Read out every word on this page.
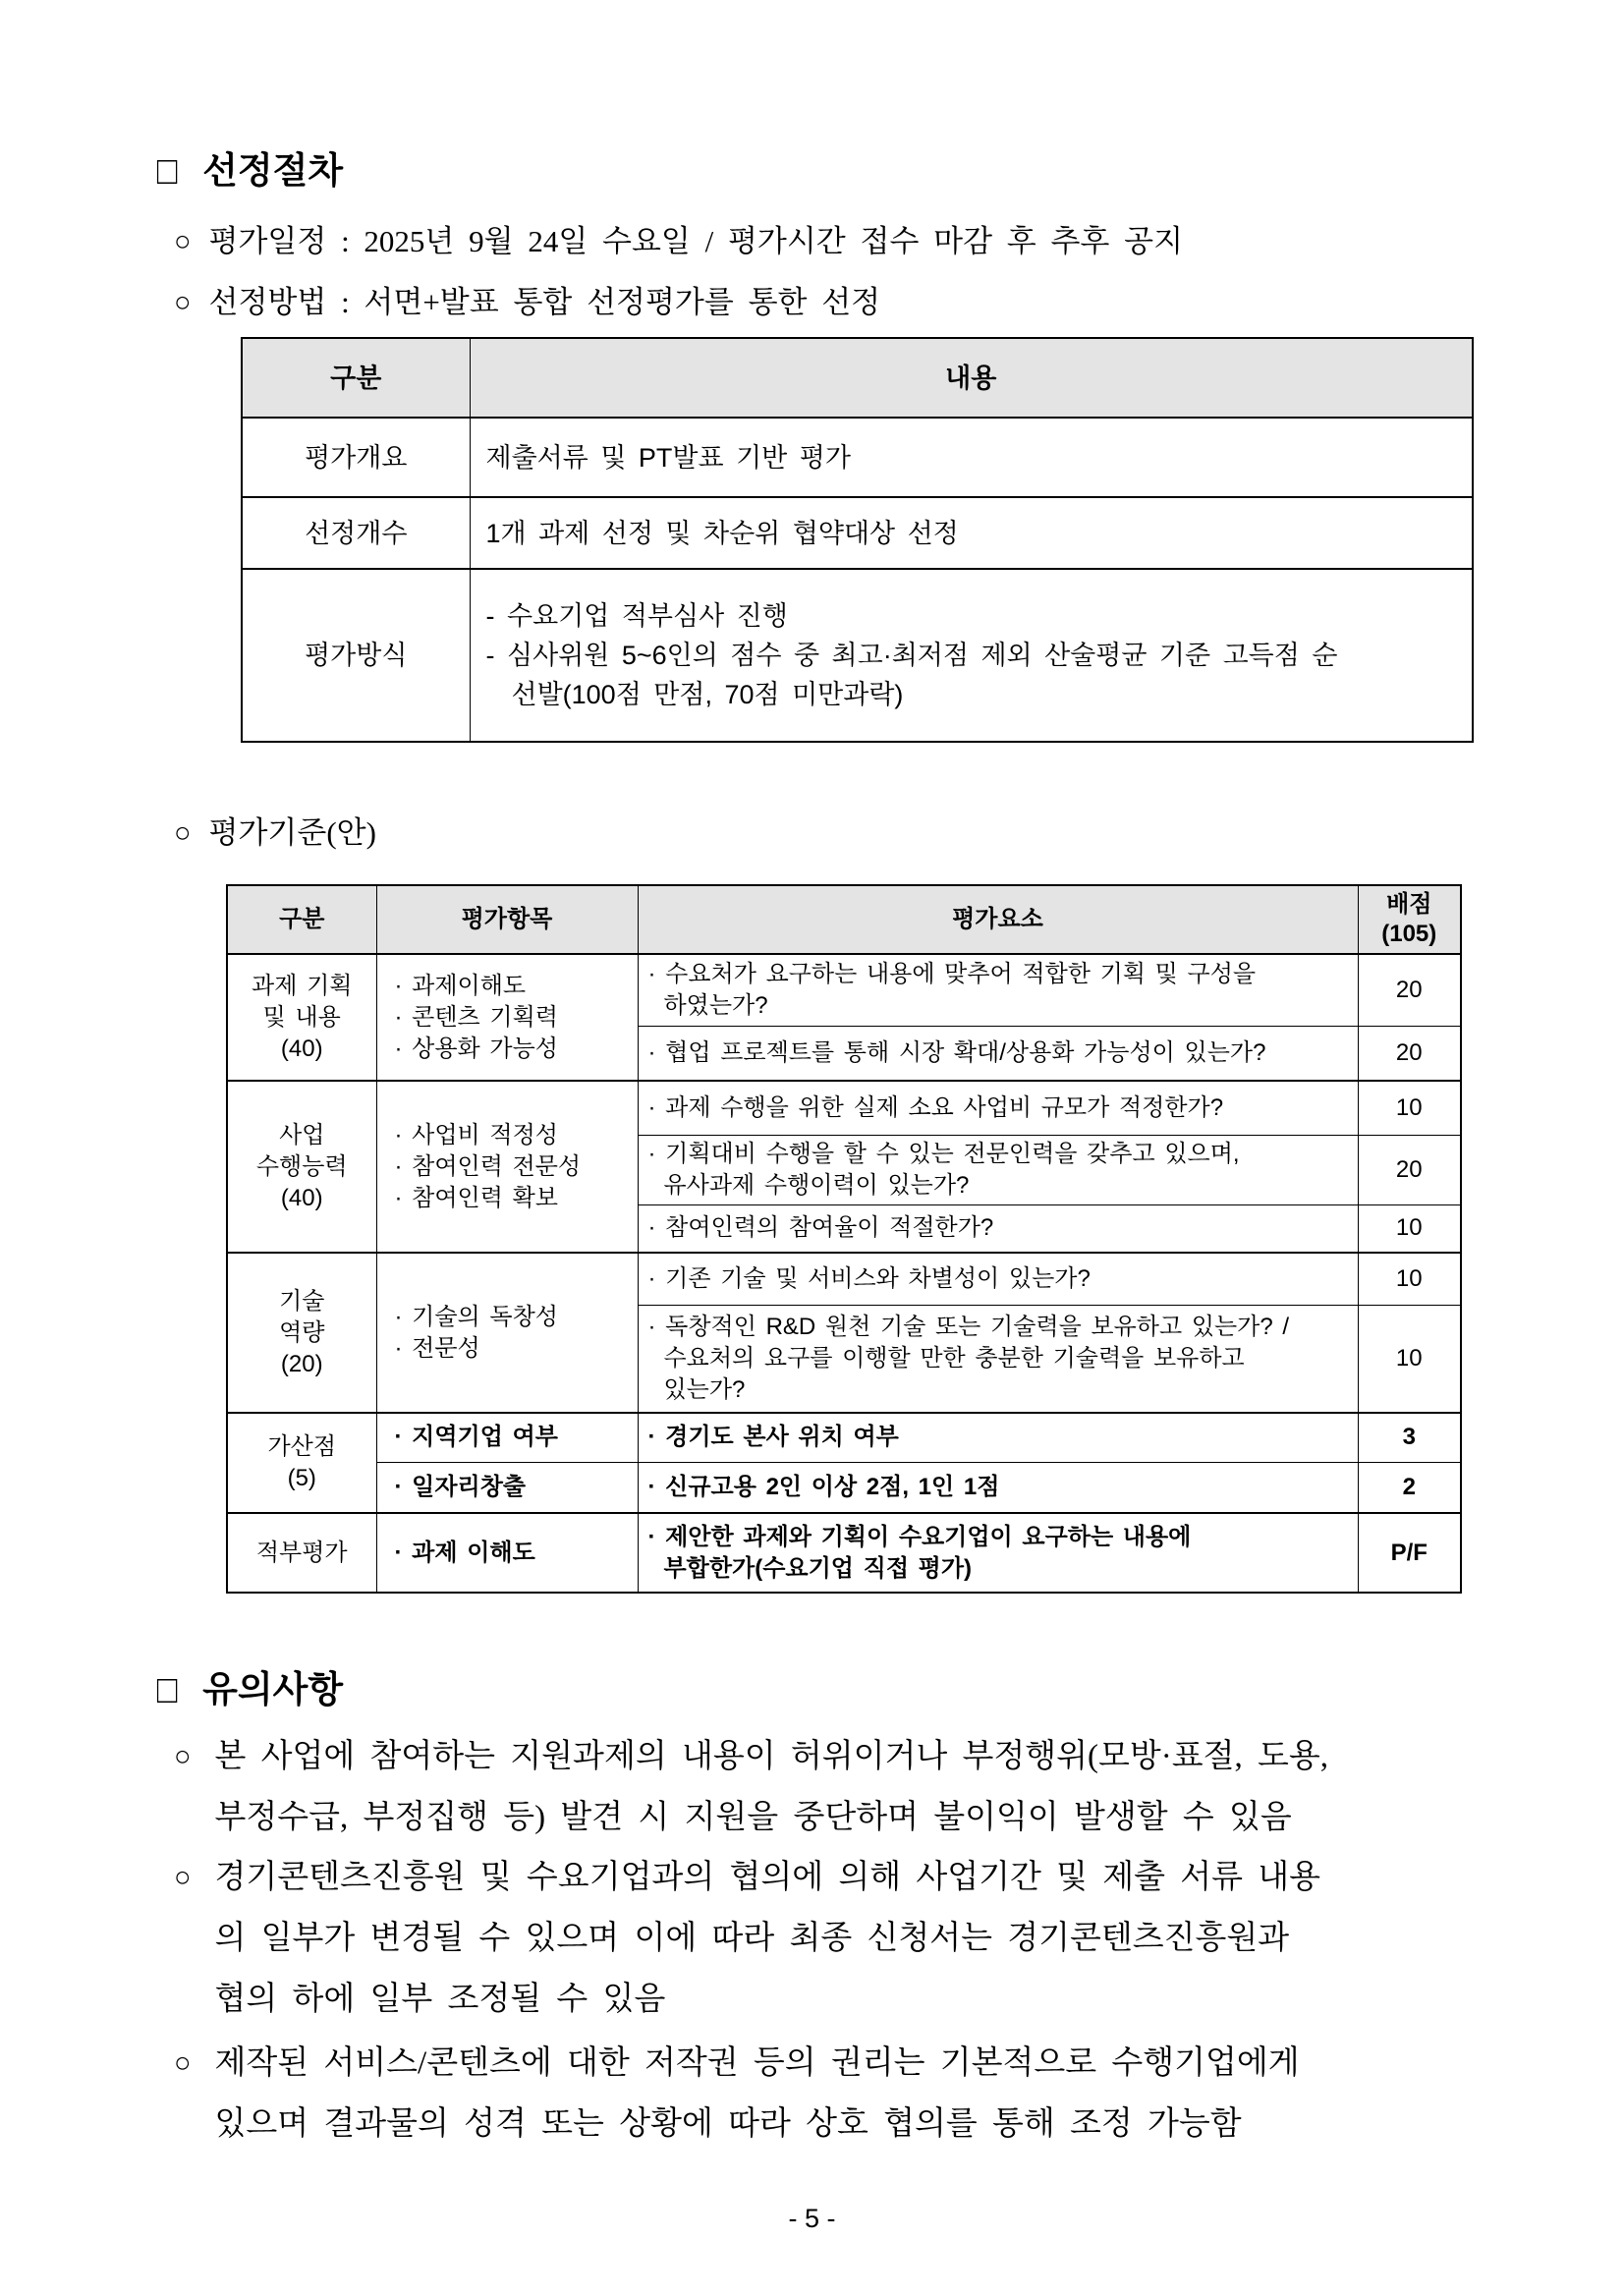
□ 선정절차
○ 평가일정 : 2025년 9월 24일 수요일 / 평가시간 접수 마감 후 추후 공지
○ 선정방법 : 서면+발표 통합 선정평가를 통한 선정
구분	내용
평가개요	제출서류 및 PT발표 기반 평가
선정개수	1개 과제 선정 및 차순위 협약대상 선정
평가방식	- 수요기업 적부심사 진행
- 심사위원 5~6인의 점수 중 최고·최저점 제외 산술평균 기준 고득점 순
선발(100점 만점, 70점 미만과락)
○ 평가기준(안)
구분	평가항목	평가요소	배점
(105)
과제 기획
및 내용
(40)	· 과제이해도
· 콘텐츠 기획력
· 상용화 가능성	· 수요처가 요구하는 내용에 맞추어 적합한 기획 및 구성을
하였는가?	20
		· 협업 프로젝트를 통해 시장 확대/상용화 가능성이 있는가?	20
사업
수행능력
(40)	· 사업비 적정성
· 참여인력 전문성
· 참여인력 확보	· 과제 수행을 위한 실제 소요 사업비 규모가 적정한가?	10
		· 기획대비 수행을 할 수 있는 전문인력을 갖추고 있으며,
유사과제 수행이력이 있는가?	20
		· 참여인력의 참여율이 적절한가?	10
기술
역량
(20)	· 기술의 독창성
· 전문성	· 기존 기술 및 서비스와 차별성이 있는가?	10
		· 독창적인 R&D 원천 기술 또는 기술력을 보유하고 있는가? /
수요처의 요구를 이행할 만한 충분한 기술력을 보유하고
있는가?	10
가산점
(5)	· 지역기업 여부	· 경기도 본사 위치 여부	3
	· 일자리창출	· 신규고용 2인 이상 2점, 1인 1점	2
적부평가	· 과제 이해도	· 제안한 과제와 기획이 수요기업이 요구하는 내용에
부합한가(수요기업 직접 평가)	P/F
□ 유의사항
○ 본 사업에 참여하는 지원과제의 내용이 허위이거나 부정행위(모방·표절, 도용,
부정수급, 부정집행 등) 발견 시 지원을 중단하며 불이익이 발생할 수 있음
○ 경기콘텐츠진흥원 및 수요기업과의 협의에 의해 사업기간 및 제출 서류 내용
의 일부가 변경될 수 있으며 이에 따라 최종 신청서는 경기콘텐츠진흥원과
협의 하에 일부 조정될 수 있음
○ 제작된 서비스/콘텐츠에 대한 저작권 등의 권리는 기본적으로 수행기업에게
있으며 결과물의 성격 또는 상황에 따라 상호 협의를 통해 조정 가능함
- 5 -
